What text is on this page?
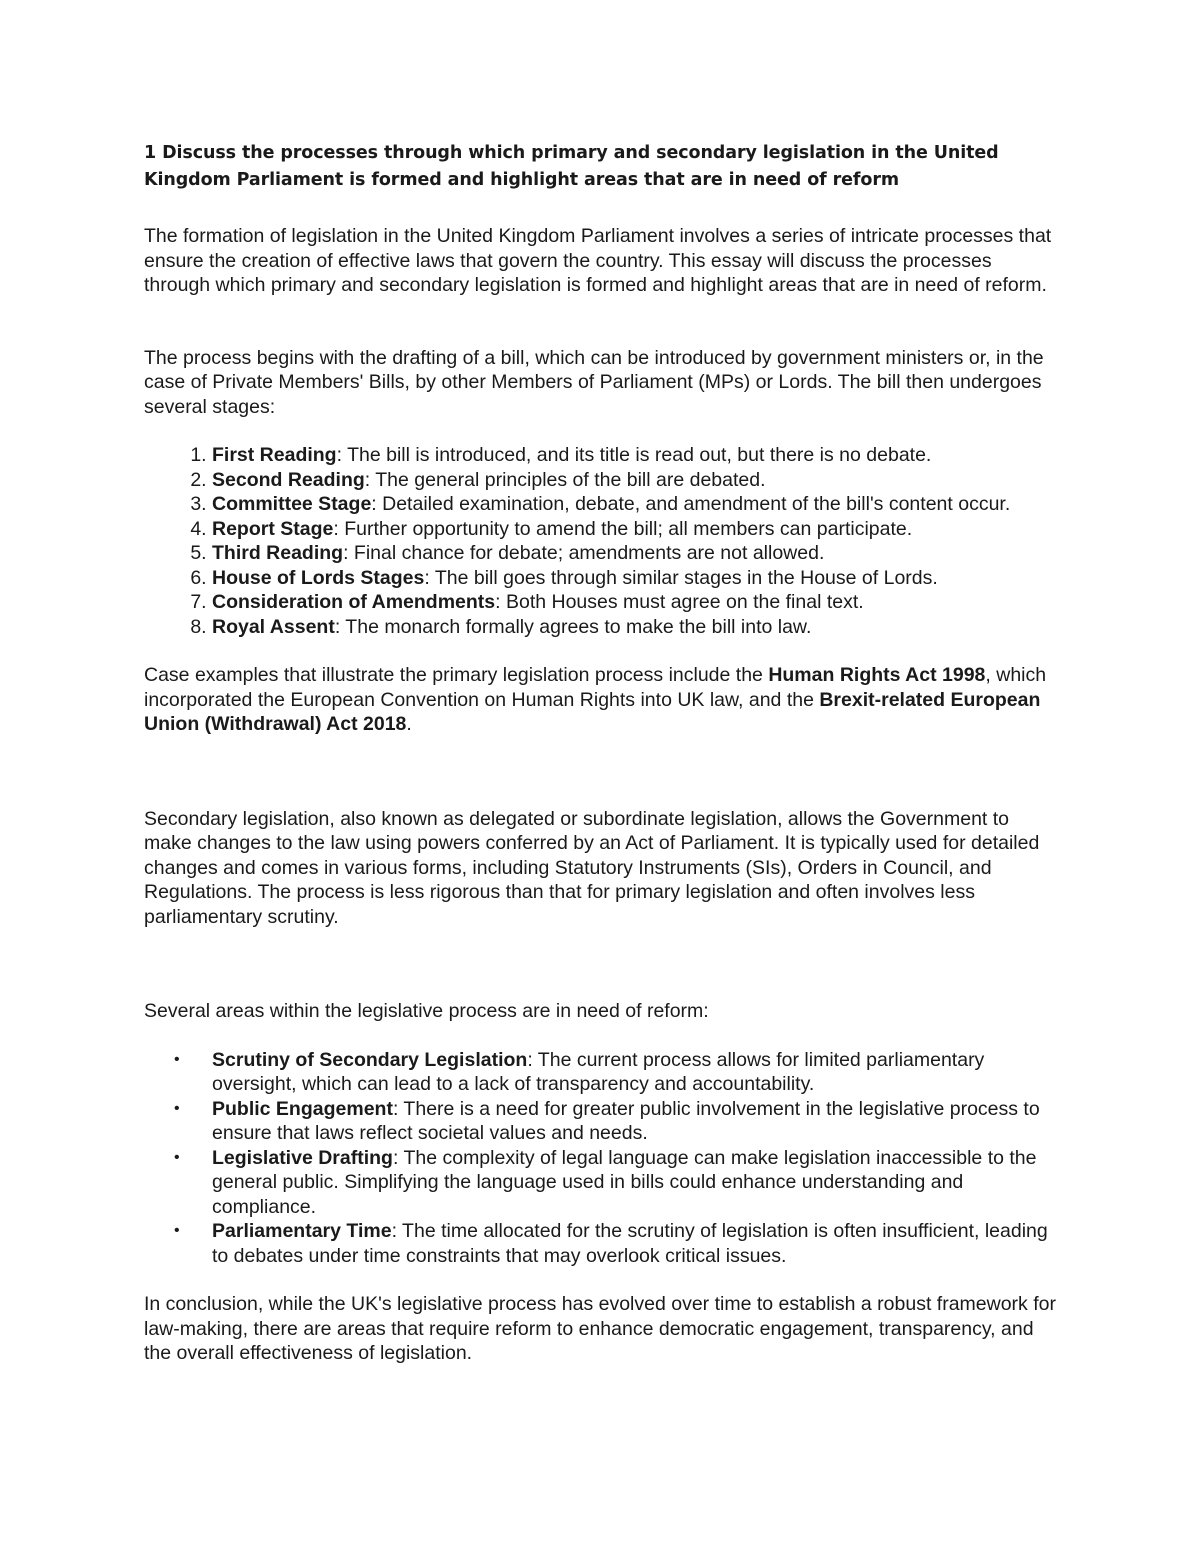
1 Discuss the processes through which primary and secondary legislation in the United Kingdom Parliament is formed and highlight areas that are in need of reform

The formation of legislation in the United Kingdom Parliament involves a series of intricate processes that ensure the creation of effective laws that govern the country. This essay will discuss the processes through which primary and secondary legislation is formed and highlight areas that are in need of reform.

The process begins with the drafting of a bill, which can be introduced by government ministers or, in the case of Private Members' Bills, by other Members of Parliament (MPs) or Lords. The bill then undergoes several stages:

1. First Reading: The bill is introduced, and its title is read out, but there is no debate.
2. Second Reading: The general principles of the bill are debated.
3. Committee Stage: Detailed examination, debate, and amendment of the bill's content occur.
4. Report Stage: Further opportunity to amend the bill; all members can participate.
5. Third Reading: Final chance for debate; amendments are not allowed.
6. House of Lords Stages: The bill goes through similar stages in the House of Lords.
7. Consideration of Amendments: Both Houses must agree on the final text.
8. Royal Assent: The monarch formally agrees to make the bill into law.

Case examples that illustrate the primary legislation process include the Human Rights Act 1998, which incorporated the European Convention on Human Rights into UK law, and the Brexit-related European Union (Withdrawal) Act 2018.

Secondary legislation, also known as delegated or subordinate legislation, allows the Government to make changes to the law using powers conferred by an Act of Parliament. It is typically used for detailed changes and comes in various forms, including Statutory Instruments (SIs), Orders in Council, and Regulations. The process is less rigorous than that for primary legislation and often involves less parliamentary scrutiny.

Several areas within the legislative process are in need of reform:

• Scrutiny of Secondary Legislation: The current process allows for limited parliamentary oversight, which can lead to a lack of transparency and accountability.
• Public Engagement: There is a need for greater public involvement in the legislative process to ensure that laws reflect societal values and needs.
• Legislative Drafting: The complexity of legal language can make legislation inaccessible to the general public. Simplifying the language used in bills could enhance understanding and compliance.
• Parliamentary Time: The time allocated for the scrutiny of legislation is often insufficient, leading to debates under time constraints that may overlook critical issues.

In conclusion, while the UK's legislative process has evolved over time to establish a robust framework for law-making, there are areas that require reform to enhance democratic engagement, transparency, and the overall effectiveness of legislation.
